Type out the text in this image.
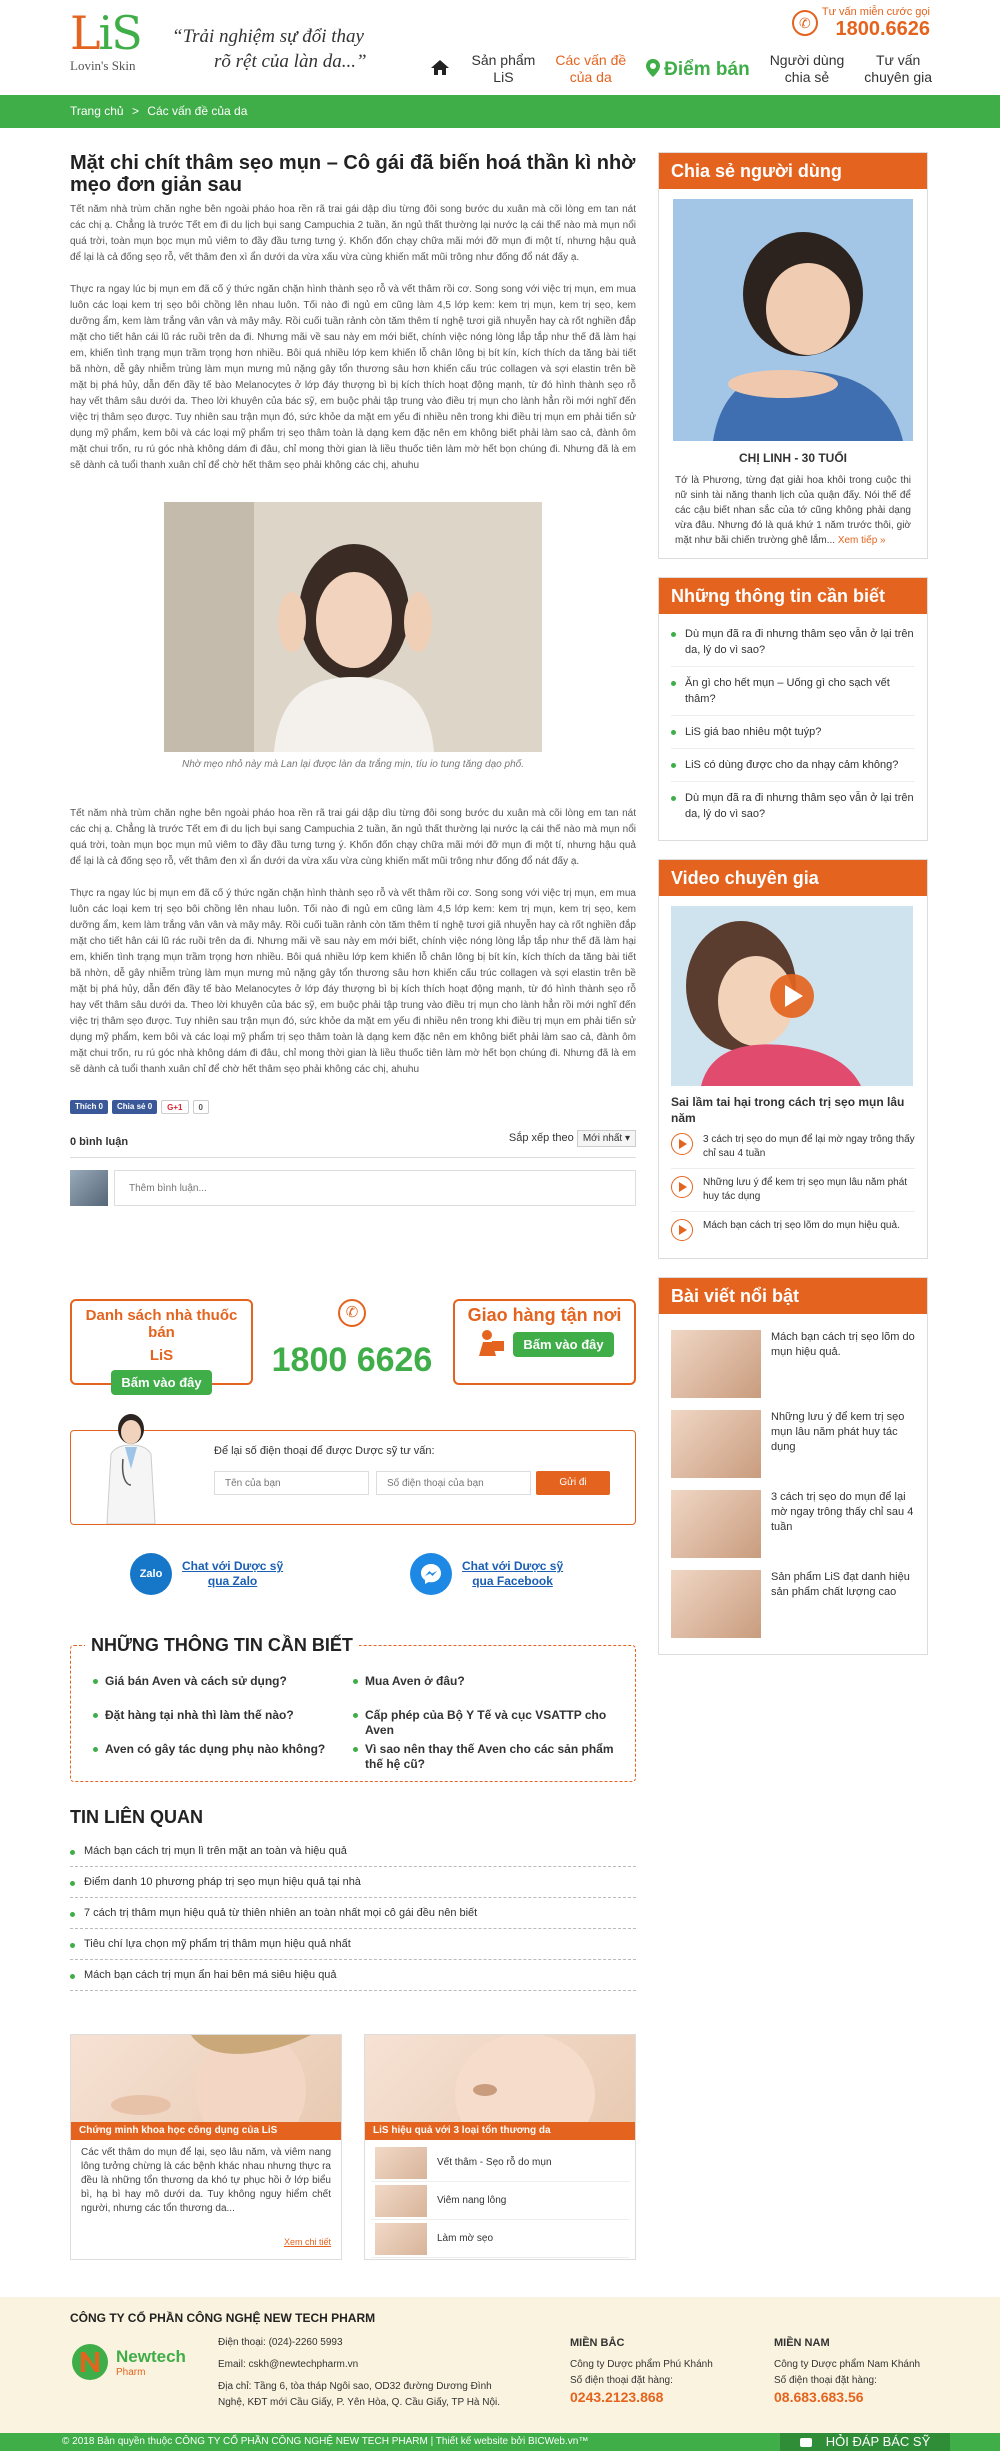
LiS
Lovin's Skin
“Trải nghiệm sự đổi thay
rõ rệt của làn da...”
✆
Tư vấn miễn cước gọi
1800.6626
Sản phẩm
LiS
Các vấn đề
của da	Điểm bán	Người dùng
chia sẻ
Tư vấn
chuyên gia
Trang chủ > Các vấn đề của da
Mặt chi chít thâm sẹo mụn – Cô gái đã biến hoá thần kì nhờ mẹo đơn giản sau

Tết năm nhà trùm chăn nghe bên ngoài pháo hoa rền rã trai gái dập dìu từng đôi song bước du xuân mà cõi lòng em tan nát các chị ạ. Chẳng là trước Tết em đi du lịch bụi sang Campuchia 2 tuần, ăn ngủ thất thường lại nước lạ cái thế nào mà mụn nổi quá trời, toàn mụn bọc mụn mủ viêm to đầy đầu tưng tưng ý. Khốn đốn chạy chữa mãi mới đỡ mụn đi một tí, nhưng hậu quả để lại là cả đống sẹo rỗ, vết thâm đen xì ẩn dưới da vừa xấu vừa cùng khiến mất mũi trông như đống đổ nát đấy ạ.

Thực ra ngay lúc bị mụn em đã cố ý thức ngăn chặn hình thành sẹo rỗ và vết thâm rồi cơ. Song song với việc trị mụn, em mua luôn các loại kem trị sẹo bôi chồng lên nhau luôn. Tối nào đi ngủ em cũng làm 4,5 lớp kem: kem trị mụn, kem trị sẹo, kem dưỡng ẩm, kem làm trắng vân vân và mây mây. Rồi cuối tuần rảnh còn tăm thêm tí nghệ tươi giã nhuyễn hay cà rốt nghiền đắp mặt cho tiết hân cái lũ rác ruồi trên da đi. Nhưng mãi về sau này em mới biết, chính việc nóng lòng lắp tắp như thế đã làm hại em, khiến tình trạng mụn trầm trọng hơn nhiều. Bôi quá nhiều lớp kem khiến lỗ chân lông bị bít kín, kích thích da tăng bài tiết bã nhờn, dễ gây nhiễm trùng làm mụn mưng mủ nặng gây tổn thương sâu hơn khiến cấu trúc collagen và sợi elastin trên bề mặt bị phá hủy, dẫn đến đầy tế bào Melanocytes ở lớp đáy thượng bì bị kích thích hoạt động mạnh, từ đó hình thành sẹo rỗ hay vết thâm sâu dưới da. Theo lời khuyên của bác sỹ, em buộc phải tập trung vào điều trị mụn cho lành hẳn rồi mới nghĩ đến việc trị thâm sẹo được. Tuy nhiên sau trận mụn đó, sức khỏe da mặt em yếu đi nhiều nên trong khi điều trị mụn em phải tiến sử dụng mỹ phẩm, kem bôi và các loại mỹ phẩm trị sẹo thâm toàn là dạng kem đặc nên em không biết phải làm sao cả, đành ôm mặt chui trốn, ru rú góc nhà không dám đi đâu, chỉ mong thời gian là liều thuốc tiên làm mờ hết bọn chúng đi. Nhưng đã là em sẽ dành cả tuổi thanh xuân chỉ để chờ hết thâm sẹo phải không các chị, ahuhu

Nhờ mẹo nhỏ này mà Lan lại được làn da trắng mịn, tíu io tung tăng dạo phố.

Tết năm nhà trùm chăn nghe bên ngoài pháo hoa rền rã trai gái dập dìu từng đôi song bước du xuân mà cõi lòng em tan nát các chị ạ. Chẳng là trước Tết em đi du lịch bụi sang Campuchia 2 tuần, ăn ngủ thất thường lại nước lạ cái thế nào mà mụn nổi quá trời, toàn mụn bọc mụn mủ viêm to đầy đầu tưng tưng ý. Khốn đốn chạy chữa mãi mới đỡ mụn đi một tí, nhưng hậu quả để lại là cả đống sẹo rỗ, vết thâm đen xì ẩn dưới da vừa xấu vừa cùng khiến mất mũi trông như đống đổ nát đấy ạ.

Thực ra ngay lúc bị mụn em đã cố ý thức ngăn chặn hình thành sẹo rỗ và vết thâm rồi cơ. Song song với việc trị mụn, em mua luôn các loại kem trị sẹo bôi chồng lên nhau luôn. Tối nào đi ngủ em cũng làm 4,5 lớp kem: kem trị mụn, kem trị sẹo, kem dưỡng ẩm, kem làm trắng vân vân và mây mây. Rồi cuối tuần rảnh còn tăm thêm tí nghệ tươi giã nhuyễn hay cà rốt nghiền đắp mặt cho tiết hân cái lũ rác ruồi trên da đi. Nhưng mãi về sau này em mới biết, chính việc nóng lòng lắp tắp như thế đã làm hại em, khiến tình trạng mụn trầm trọng hơn nhiều. Bôi quá nhiều lớp kem khiến lỗ chân lông bị bít kín, kích thích da tăng bài tiết bã nhờn, dễ gây nhiễm trùng làm mụn mưng mủ nặng gây tổn thương sâu hơn khiến cấu trúc collagen và sợi elastin trên bề mặt bị phá hủy, dẫn đến đầy tế bào Melanocytes ở lớp đáy thượng bì bị kích thích hoạt động mạnh, từ đó hình thành sẹo rỗ hay vết thâm sâu dưới da. Theo lời khuyên của bác sỹ, em buộc phải tập trung vào điều trị mụn cho lành hẳn rồi mới nghĩ đến việc trị thâm sẹo được. Tuy nhiên sau trận mụn đó, sức khỏe da mặt em yếu đi nhiều nên trong khi điều trị mụn em phải tiến sử dụng mỹ phẩm, kem bôi và các loại mỹ phẩm trị sẹo thâm toàn là dạng kem đặc nên em không biết phải làm sao cả, đành ôm mặt chui trốn, ru rú góc nhà không dám đi đâu, chỉ mong thời gian là liều thuốc tiên làm mờ hết bọn chúng đi. Nhưng đã là em sẽ dành cả tuổi thanh xuân chỉ để chờ hết thâm sẹo phải không các chị, ahuhu

Thích 0	Chia sẻ 0	G+1	0
0 bình luận	Sắp xếp theo Mới nhất ▾
Thêm bình luận...
Danh sách nhà thuốc bán
LiS
Bấm vào đây
✆
1800 6626
Giao hàng tận nơi
Bấm vào đây
Để lại số điện thoại để được Dược sỹ tư vấn:
Tên của bạn
Số điện thoại của bạn
Gửi đi
Zalo
Chat với Dược sỹ
qua Zalo
Chat với Dược sỹ
qua Facebook
NHỮNG THÔNG TIN CẦN BIẾT
Giá bán Aven và cách sử dụng?	Mua Aven ở đâu?
Đặt hàng tại nhà thì làm thế nào?	Cấp phép của Bộ Y Tế và cục VSATTP cho Aven
Aven có gây tác dụng phụ nào không?	Vì sao nên thay thế Aven cho các sản phẩm thế hệ cũ?
TIN LIÊN QUAN
Mách bạn cách trị mụn lì trên mặt an toàn và hiệu quả
Điểm danh 10 phương pháp trị sẹo mụn hiệu quả tại nhà
7 cách trị thâm mụn hiệu quả từ thiên nhiên an toàn nhất mọi cô gái đều nên biết
Tiêu chí lựa chọn mỹ phẩm trị thâm mụn hiệu quả nhất
Mách bạn cách trị mụn ẩn hai bên má siêu hiệu quả
Chứng minh khoa học công dụng của LiS
Các vết thâm do mụn để lại, sẹo lâu năm, và viêm nang lông tưởng chừng là các bệnh khác nhau nhưng thực ra đều là những tổn thương da khó tự phục hồi ở lớp biểu bì, hạ bì hay mô dưới da. Tuy không nguy hiểm chết người, nhưng các tổn thương da...
Xem chi tiết
LiS hiệu quả với 3 loại tổn thương da
Vết thâm - Sẹo rỗ do mụn
Viêm nang lông
Làm mờ sẹo
Chia sẻ người dùng
CHỊ LINH - 30 TUỔI
Tớ là Phương, từng đạt giải hoa khôi trong cuộc thi nữ sinh tài năng thanh lịch của quận đấy. Nói thế để các cậu biết nhan sắc của tớ cũng không phải dạng vừa đâu. Nhưng đó là quá khứ 1 năm trước thôi, giờ mặt như bãi chiến trường ghê lắm... Xem tiếp »
Những thông tin cần biết
Dù mụn đã ra đi nhưng thâm sẹo vẫn ở lại trên da, lý do vì sao?
Ăn gì cho hết mụn – Uống gì cho sạch vết thâm?
LiS giá bao nhiêu một tuýp?
LiS có dùng được cho da nhạy cảm không?
Dù mụn đã ra đi nhưng thâm sẹo vẫn ở lại trên da, lý do vì sao?
Video chuyên gia
Sai lầm tai hại trong cách trị sẹo mụn lâu năm
3 cách trị sẹo do mụn để lại mờ ngay trông thấy chỉ sau 4 tuần
Những lưu ý để kem trị sẹo mụn lâu năm phát huy tác dụng
Mách bạn cách trị sẹo lõm do mụn hiệu quả.
Bài viết nổi bật
Mách bạn cách trị sẹo lõm do mụn hiệu quả.
Những lưu ý để kem trị sẹo mụn lâu năm phát huy tác dụng
3 cách trị sẹo do mụn để lại mờ ngay trông thấy chỉ sau 4 tuần
Sản phẩm LiS đạt danh hiệu sản phẩm chất lượng cao
CÔNG TY CỔ PHẦN CÔNG NGHỆ NEW TECH PHARM
Newtech
Pharm
Điện thoại: (024)-2260 5993
Email: cskh@newtechpharm.vn
Địa chỉ: Tầng 6, tòa tháp Ngôi sao, OD32 đường Dương Đình Nghệ, KĐT mới Cầu Giấy, P. Yên Hòa, Q. Cầu Giấy, TP Hà Nội.
MIỀN BẮC
Công ty Dược phẩm Phú Khánh
Số điện thoại đặt hàng:
0243.2123.868
MIỀN NAM
Công ty Dược phẩm Nam Khánh
Số điện thoại đặt hàng:
08.683.683.56
© 2018 Bản quyền thuộc CÔNG TY CỔ PHẦN CÔNG NGHỆ NEW TECH PHARM | Thiết kế website bởi BICWeb.vn™	HỎI ĐÁP BÁC SỸ
